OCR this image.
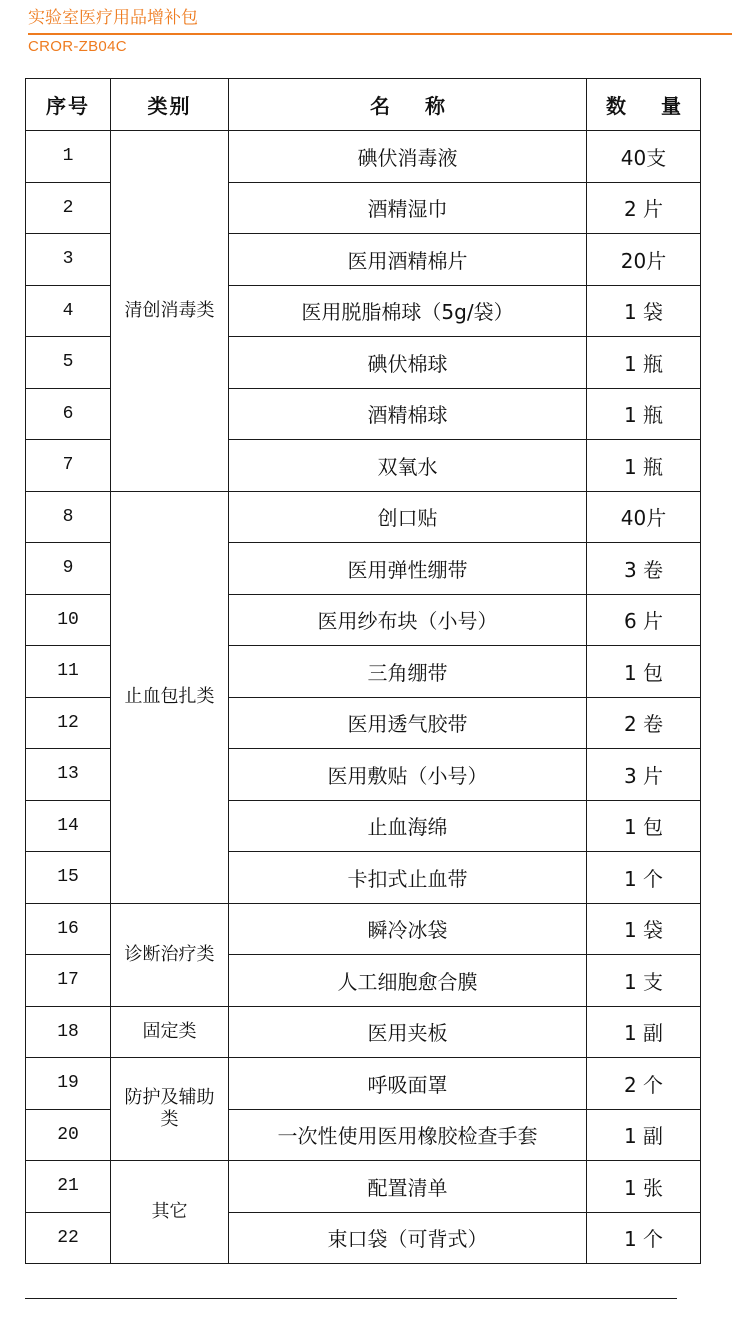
实验室医疗用品增补包
CROR-ZB04C
序号	类别	名 称	数 量
1	清创消毒类	碘伏消毒液	40支
2		酒精湿巾	2 片
3		医用酒精棉片	20片
4		医用脱脂棉球（5g/袋）	1 袋
5		碘伏棉球	1 瓶
6		酒精棉球	1 瓶
7		双氧水	1 瓶
8	止血包扎类	创口贴	40片
9		医用弹性绷带	3 卷
10		医用纱布块（小号）	6 片
11		三角绷带	1 包
12		医用透气胶带	2 卷
13		医用敷贴（小号）	3 片
14		止血海绵	1 包
15		卡扣式止血带	1 个
16	诊断治疗类	瞬冷冰袋	1 袋
17		人工细胞愈合膜	1 支
18	固定类	医用夹板	1 副
19	防护及辅助类	呼吸面罩	2 个
20		一次性使用医用橡胶检查手套	1 副
21	其它	配置清单	1 张
22		束口袋（可背式）	1 个
